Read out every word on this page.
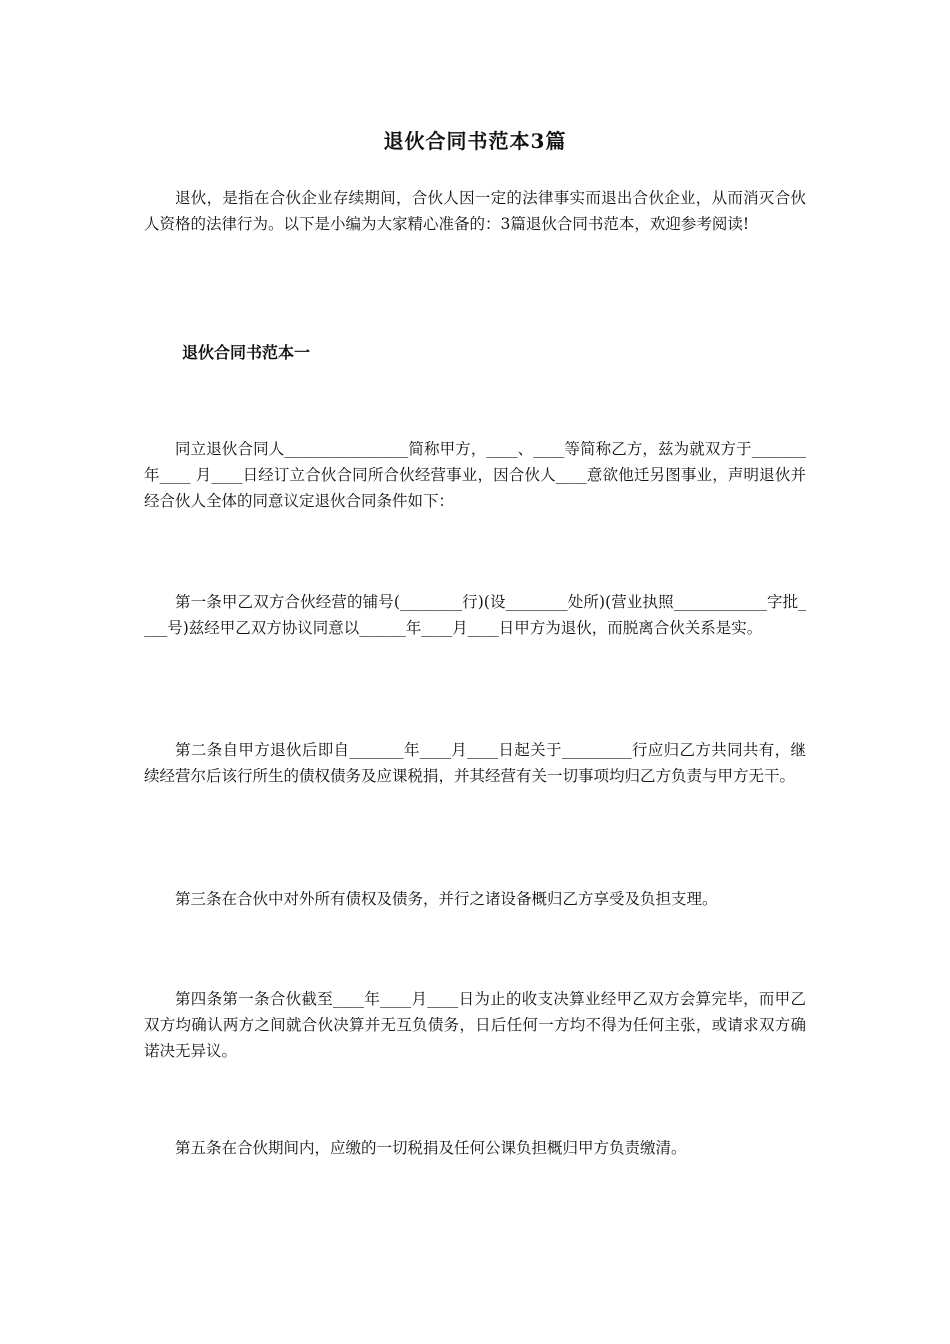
退伙合同书范本3篇

退伙，是指在合伙企业存续期间，合伙人因一定的法律事实而退出合伙企业，从而消灭合伙人资格的法律行为。以下是小编为大家精心准备的：3篇退伙合同书范本，欢迎参考阅读!

退伙合同书范本一

同立退伙合同人________________简称甲方，____、____等简称乙方，兹为就双方于_______年____ 月____日经订立合伙合同所合伙经营事业，因合伙人____意欲他迁另图事业，声明退伙并经合伙人全体的同意议定退伙合同条件如下：

第一条甲乙双方合伙经营的铺号(________行)(设________处所)(营业执照____________字批____号)兹经甲乙双方协议同意以______年____月____日甲方为退伙，而脱离合伙关系是实。

第二条自甲方退伙后即自_______年____月____日起关于_________行应归乙方共同共有，继续经营尔后该行所生的债权债务及应课税捐，并其经营有关一切事项均归乙方负责与甲方无干。

第三条在合伙中对外所有债权及债务，并行之诸设备概归乙方享受及负担支理。

第四条第一条合伙截至____年____月____日为止的收支决算业经甲乙双方会算完毕，而甲乙双方均确认两方之间就合伙决算并无互负债务，日后任何一方均不得为任何主张，或请求双方确诺决无异议。

第五条在合伙期间内，应缴的一切税捐及任何公课负担概归甲方负责缴清。
